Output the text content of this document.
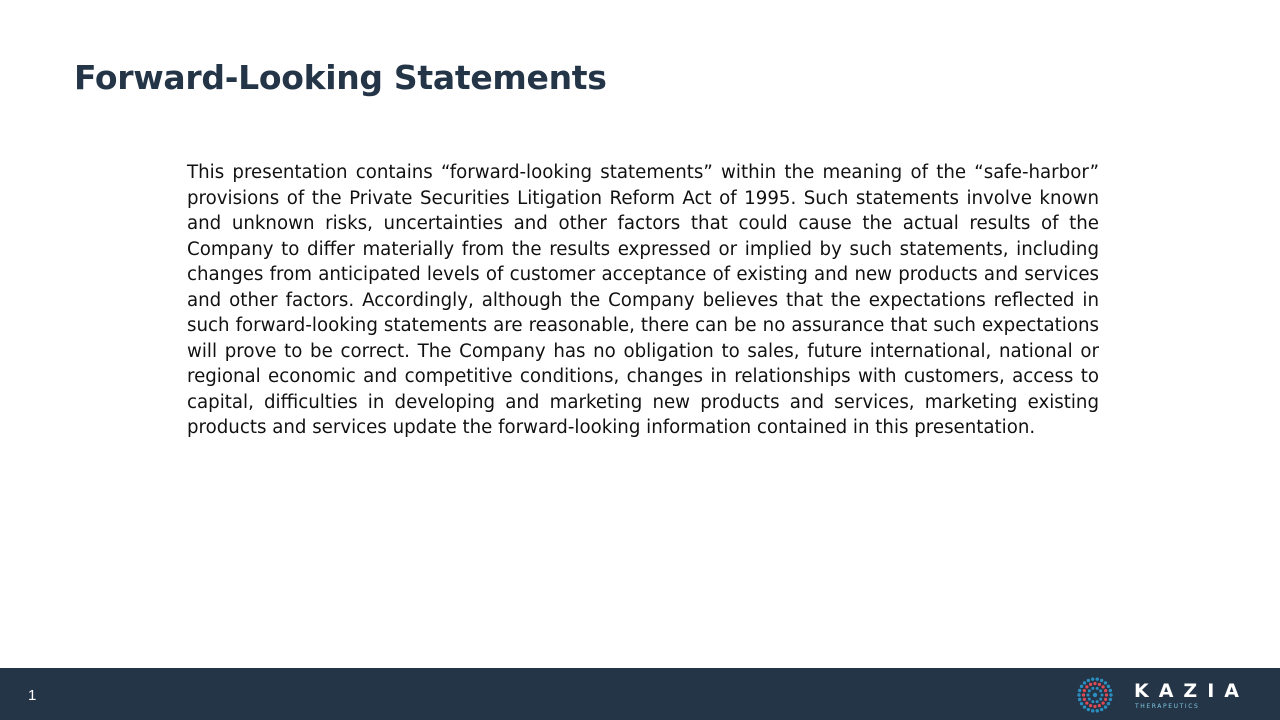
Forward-Looking Statements

This presentation contains “forward-looking statements” within the meaning of the “safe-harbor” provisions of the Private Securities Litigation Reform Act of 1995. Such statements involve known and unknown risks, uncertainties and other factors that could cause the actual results of the Company to differ materially from the results expressed or implied by such statements, including changes from anticipated levels of customer acceptance of existing and new products and services and other factors. Accordingly, although the Company believes that the expectations reflected in such forward-looking statements are reasonable, there can be no assurance that such expectations will prove to be correct. The Company has no obligation to sales, future international, national or regional economic and competitive conditions, changes in relationships with customers, access to capital, difficulties in developing and marketing new products and services, marketing existing products and services update the forward-looking information contained in this presentation.

1	KAZIA
THERAPEUTICS
